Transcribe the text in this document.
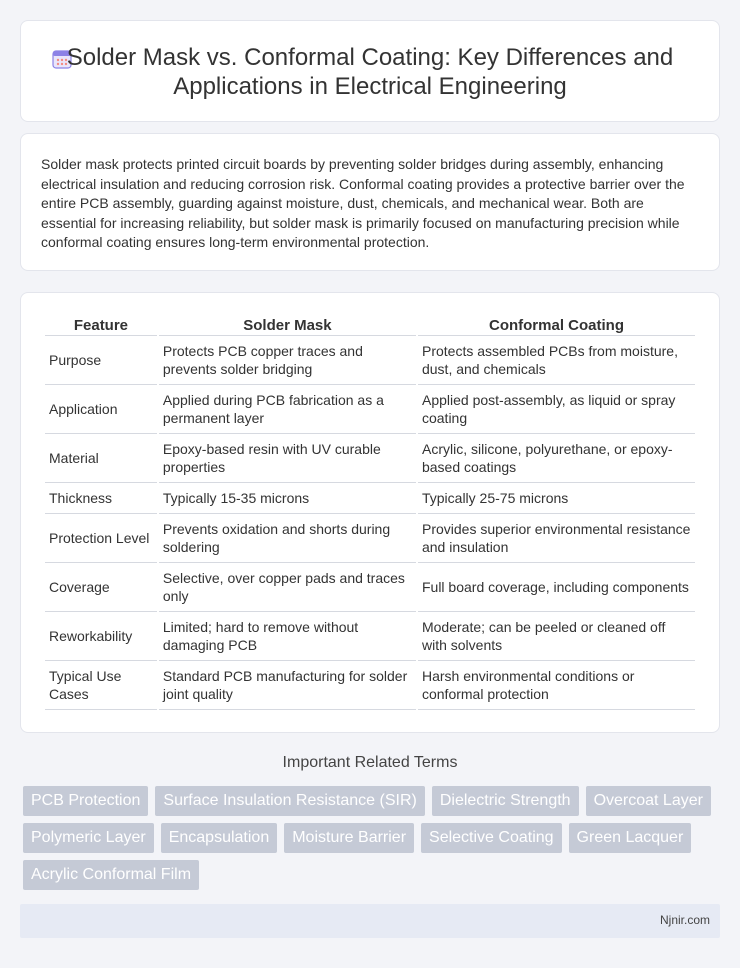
Solder Mask vs. Conformal Coating: Key Differences and Applications in Electrical Engineering

Solder mask protects printed circuit boards by preventing solder bridges during assembly, enhancing electrical insulation and reducing corrosion risk. Conformal coating provides a protective barrier over the entire PCB assembly, guarding against moisture, dust, chemicals, and mechanical wear. Both are essential for increasing reliability, but solder mask is primarily focused on manufacturing precision while conformal coating ensures long-term environmental protection.

Feature	Solder Mask	Conformal Coating
Purpose	Protects PCB copper traces and prevents solder bridging	Protects assembled PCBs from moisture, dust, and chemicals
Application	Applied during PCB fabrication as a permanent layer	Applied post-assembly, as liquid or spray coating
Material	Epoxy-based resin with UV curable properties	Acrylic, silicone, polyurethane, or epoxy-based coatings
Thickness	Typically 15-35 microns	Typically 25-75 microns
Protection Level	Prevents oxidation and shorts during soldering	Provides superior environmental resistance and insulation
Coverage	Selective, over copper pads and traces only	Full board coverage, including components
Reworkability	Limited; hard to remove without damaging PCB	Moderate; can be peeled or cleaned off with solvents
Typical Use Cases	Standard PCB manufacturing for solder joint quality	Harsh environmental conditions or conformal protection
Important Related Terms
PCB Protection	Surface Insulation Resistance (SIR)	Dielectric Strength	Overcoat Layer
Polymeric Layer	Encapsulation	Moisture Barrier	Selective Coating	Green Lacquer
Acrylic Conformal Film
Njnir.com
